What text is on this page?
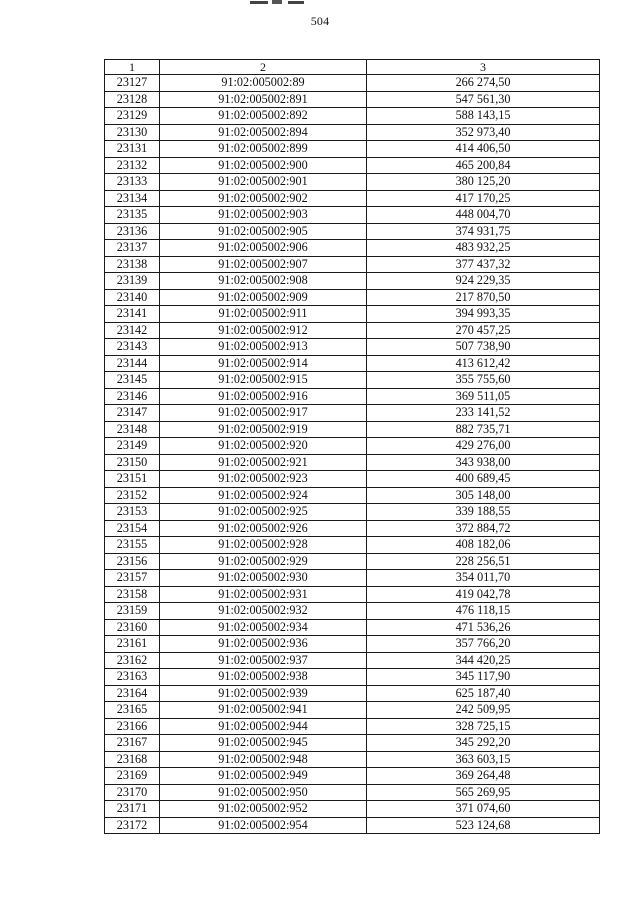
504
1	2	3
23127	91:02:005002:89	266 274,50
23128	91:02:005002:891	547 561,30
23129	91:02:005002:892	588 143,15
23130	91:02:005002:894	352 973,40
23131	91:02:005002:899	414 406,50
23132	91:02:005002:900	465 200,84
23133	91:02:005002:901	380 125,20
23134	91:02:005002:902	417 170,25
23135	91:02:005002:903	448 004,70
23136	91:02:005002:905	374 931,75
23137	91:02:005002:906	483 932,25
23138	91:02:005002:907	377 437,32
23139	91:02:005002:908	924 229,35
23140	91:02:005002:909	217 870,50
23141	91:02:005002:911	394 993,35
23142	91:02:005002:912	270 457,25
23143	91:02:005002:913	507 738,90
23144	91:02:005002:914	413 612,42
23145	91:02:005002:915	355 755,60
23146	91:02:005002:916	369 511,05
23147	91:02:005002:917	233 141,52
23148	91:02:005002:919	882 735,71
23149	91:02:005002:920	429 276,00
23150	91:02:005002:921	343 938,00
23151	91:02:005002:923	400 689,45
23152	91:02:005002:924	305 148,00
23153	91:02:005002:925	339 188,55
23154	91:02:005002:926	372 884,72
23155	91:02:005002:928	408 182,06
23156	91:02:005002:929	228 256,51
23157	91:02:005002:930	354 011,70
23158	91:02:005002:931	419 042,78
23159	91:02:005002:932	476 118,15
23160	91:02:005002:934	471 536,26
23161	91:02:005002:936	357 766,20
23162	91:02:005002:937	344 420,25
23163	91:02:005002:938	345 117,90
23164	91:02:005002:939	625 187,40
23165	91:02:005002:941	242 509,95
23166	91:02:005002:944	328 725,15
23167	91:02:005002:945	345 292,20
23168	91:02:005002:948	363 603,15
23169	91:02:005002:949	369 264,48
23170	91:02:005002:950	565 269,95
23171	91:02:005002:952	371 074,60
23172	91:02:005002:954	523 124,68
